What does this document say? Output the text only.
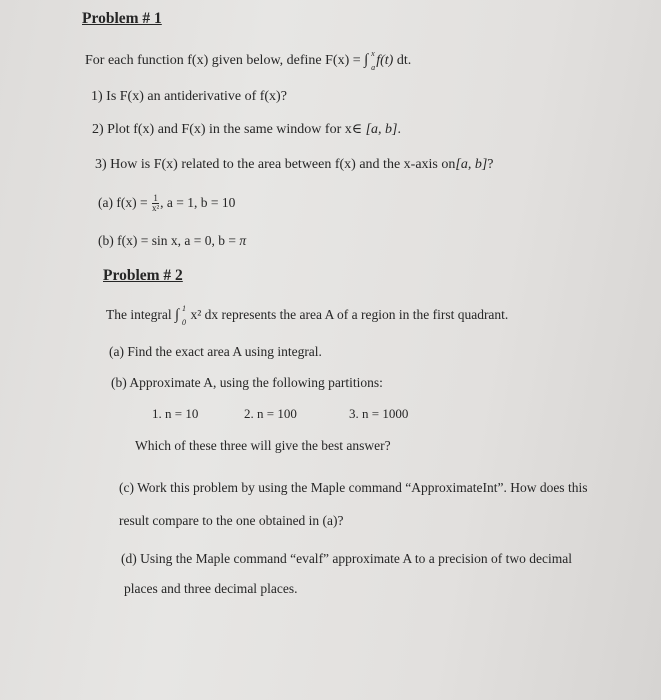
Problem # 1
For each function f(x) given below, define F(x) = ∫ x
a f(t) dt.
1) Is F(x) an antiderivative of f(x)?
2) Plot f(x) and F(x) in the same window for x∈ [a, b].
3) How is F(x) related to the area between f(x) and the x-axis on[a, b]?
(a) $f(x) = \frac{1}{\text{x²}}$ , a = 1, b = 10
(b) f(x) = sin x, a = 0, b = π
Problem # 2
The integral ∫ 1
0
x² dx represents the area A of a region in the first quadrant.
(a) Find the exact area A using integral.
(b) Approximate A, using the following partitions:
1. n = 10	2. n = 100	3. n = 1000
Which of these three will give the best answer?
(c) Work this problem by using the Maple command “ApproximateInt”. How does this
result compare to the one obtained in (a)?
(d) Using the Maple command “evalf” approximate A to a precision of two decimal
places and three decimal places.
